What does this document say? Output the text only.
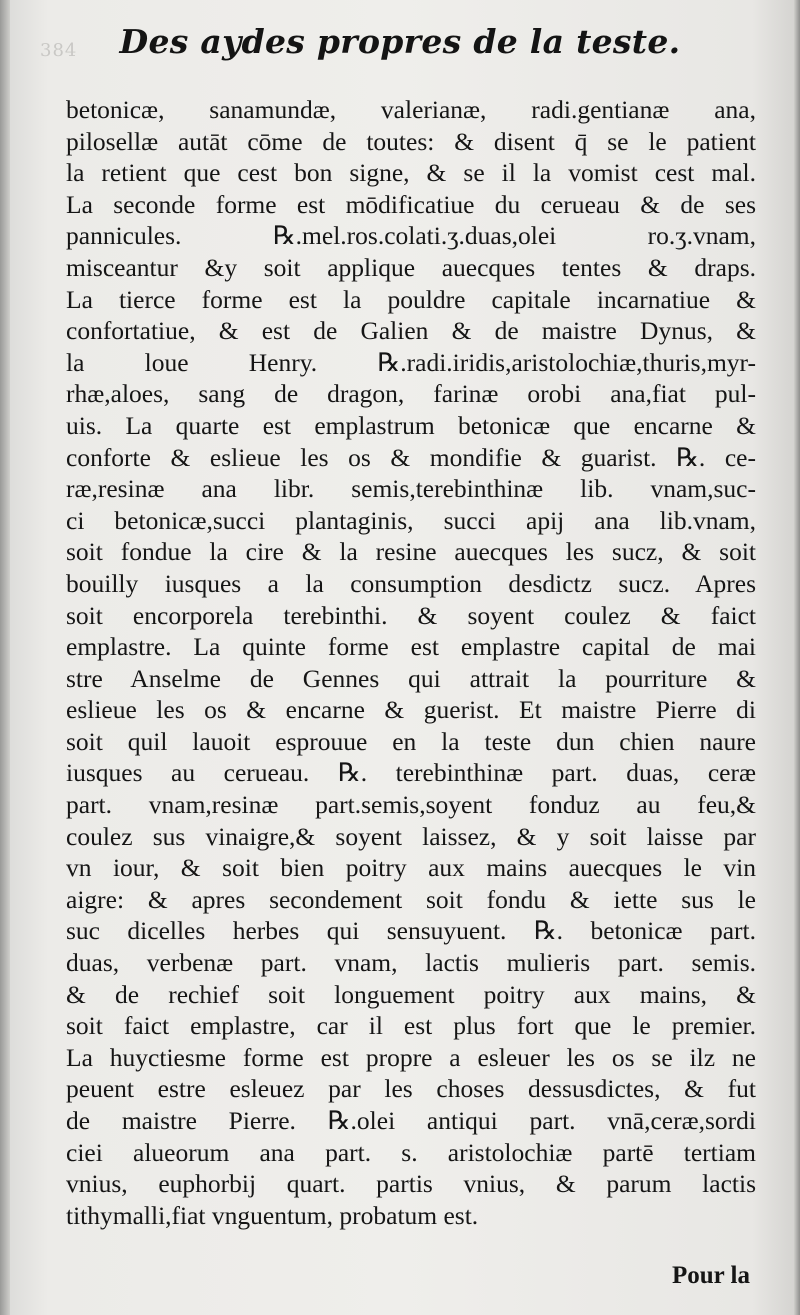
384	Des aydes propres de la teste.
betonicæ, sanamundæ, valerianæ, radi.gentianæ ana,
pilosellæ autāt cōme de toutes: & disent q̄ se le patient
la retient que cest bon signe, & se il la vomist cest mal.
La seconde forme est mōdificatiue du cerueau & de ses
pannicules. ℞.mel.ros.colati.ʒ.duas,olei ro.ʒ.vnam,
misceantur &y soit applique auecques tentes & draps.
La tierce forme est la pouldre capitale incarnatiue &
confortatiue, & est de Galien & de maistre Dynus, &
la loue Henry. ℞.radi.iridis,aristolochiæ,thuris,myr-
rhæ,aloes, sang de dragon, farinæ orobi ana,fiat pul-
uis. La quarte est emplastrum betonicæ que encarne &
conforte & eslieue les os & mondifie & guarist. ℞. ce-
ræ,resinæ ana libr. semis,terebinthinæ lib. vnam,suc-
ci betonicæ,succi plantaginis, succi apij ana lib.vnam,
soit fondue la cire & la resine auecques les sucz, & soit
bouilly iusques a la consumption desdictz sucz. Apres
soit encorporela terebinthi. & soyent coulez & faict
emplastre. La quinte forme est emplastre capital de mai
stre Anselme de Gennes qui attrait la pourriture &
eslieue les os & encarne & guerist. Et maistre Pierre di
soit quil lauoit esprouue en la teste dun chien naure
iusques au cerueau. ℞. terebinthinæ part. duas, ceræ
part. vnam,resinæ part.semis,soyent fonduz au feu,&
coulez sus vinaigre,& soyent laissez, & y soit laisse par
vn iour, & soit bien poitry aux mains auecques le vin
aigre: & apres secondement soit fondu & iette sus le
suc dicelles herbes qui sensuyuent. ℞. betonicæ part.
duas, verbenæ part. vnam, lactis mulieris part. semis.
& de rechief soit longuement poitry aux mains, &
soit faict emplastre, car il est plus fort que le premier.
La huyctiesme forme est propre a esleuer les os se ilz ne
peuent estre esleuez par les choses dessusdictes, & fut
de maistre Pierre. ℞.olei antiqui part. vnā,ceræ,sordi
ciei alueorum ana part. s. aristolochiæ partē tertiam
vnius, euphorbij quart. partis vnius, & parum lactis
tithymalli,fiat vnguentum, probatum est.
Pour la
